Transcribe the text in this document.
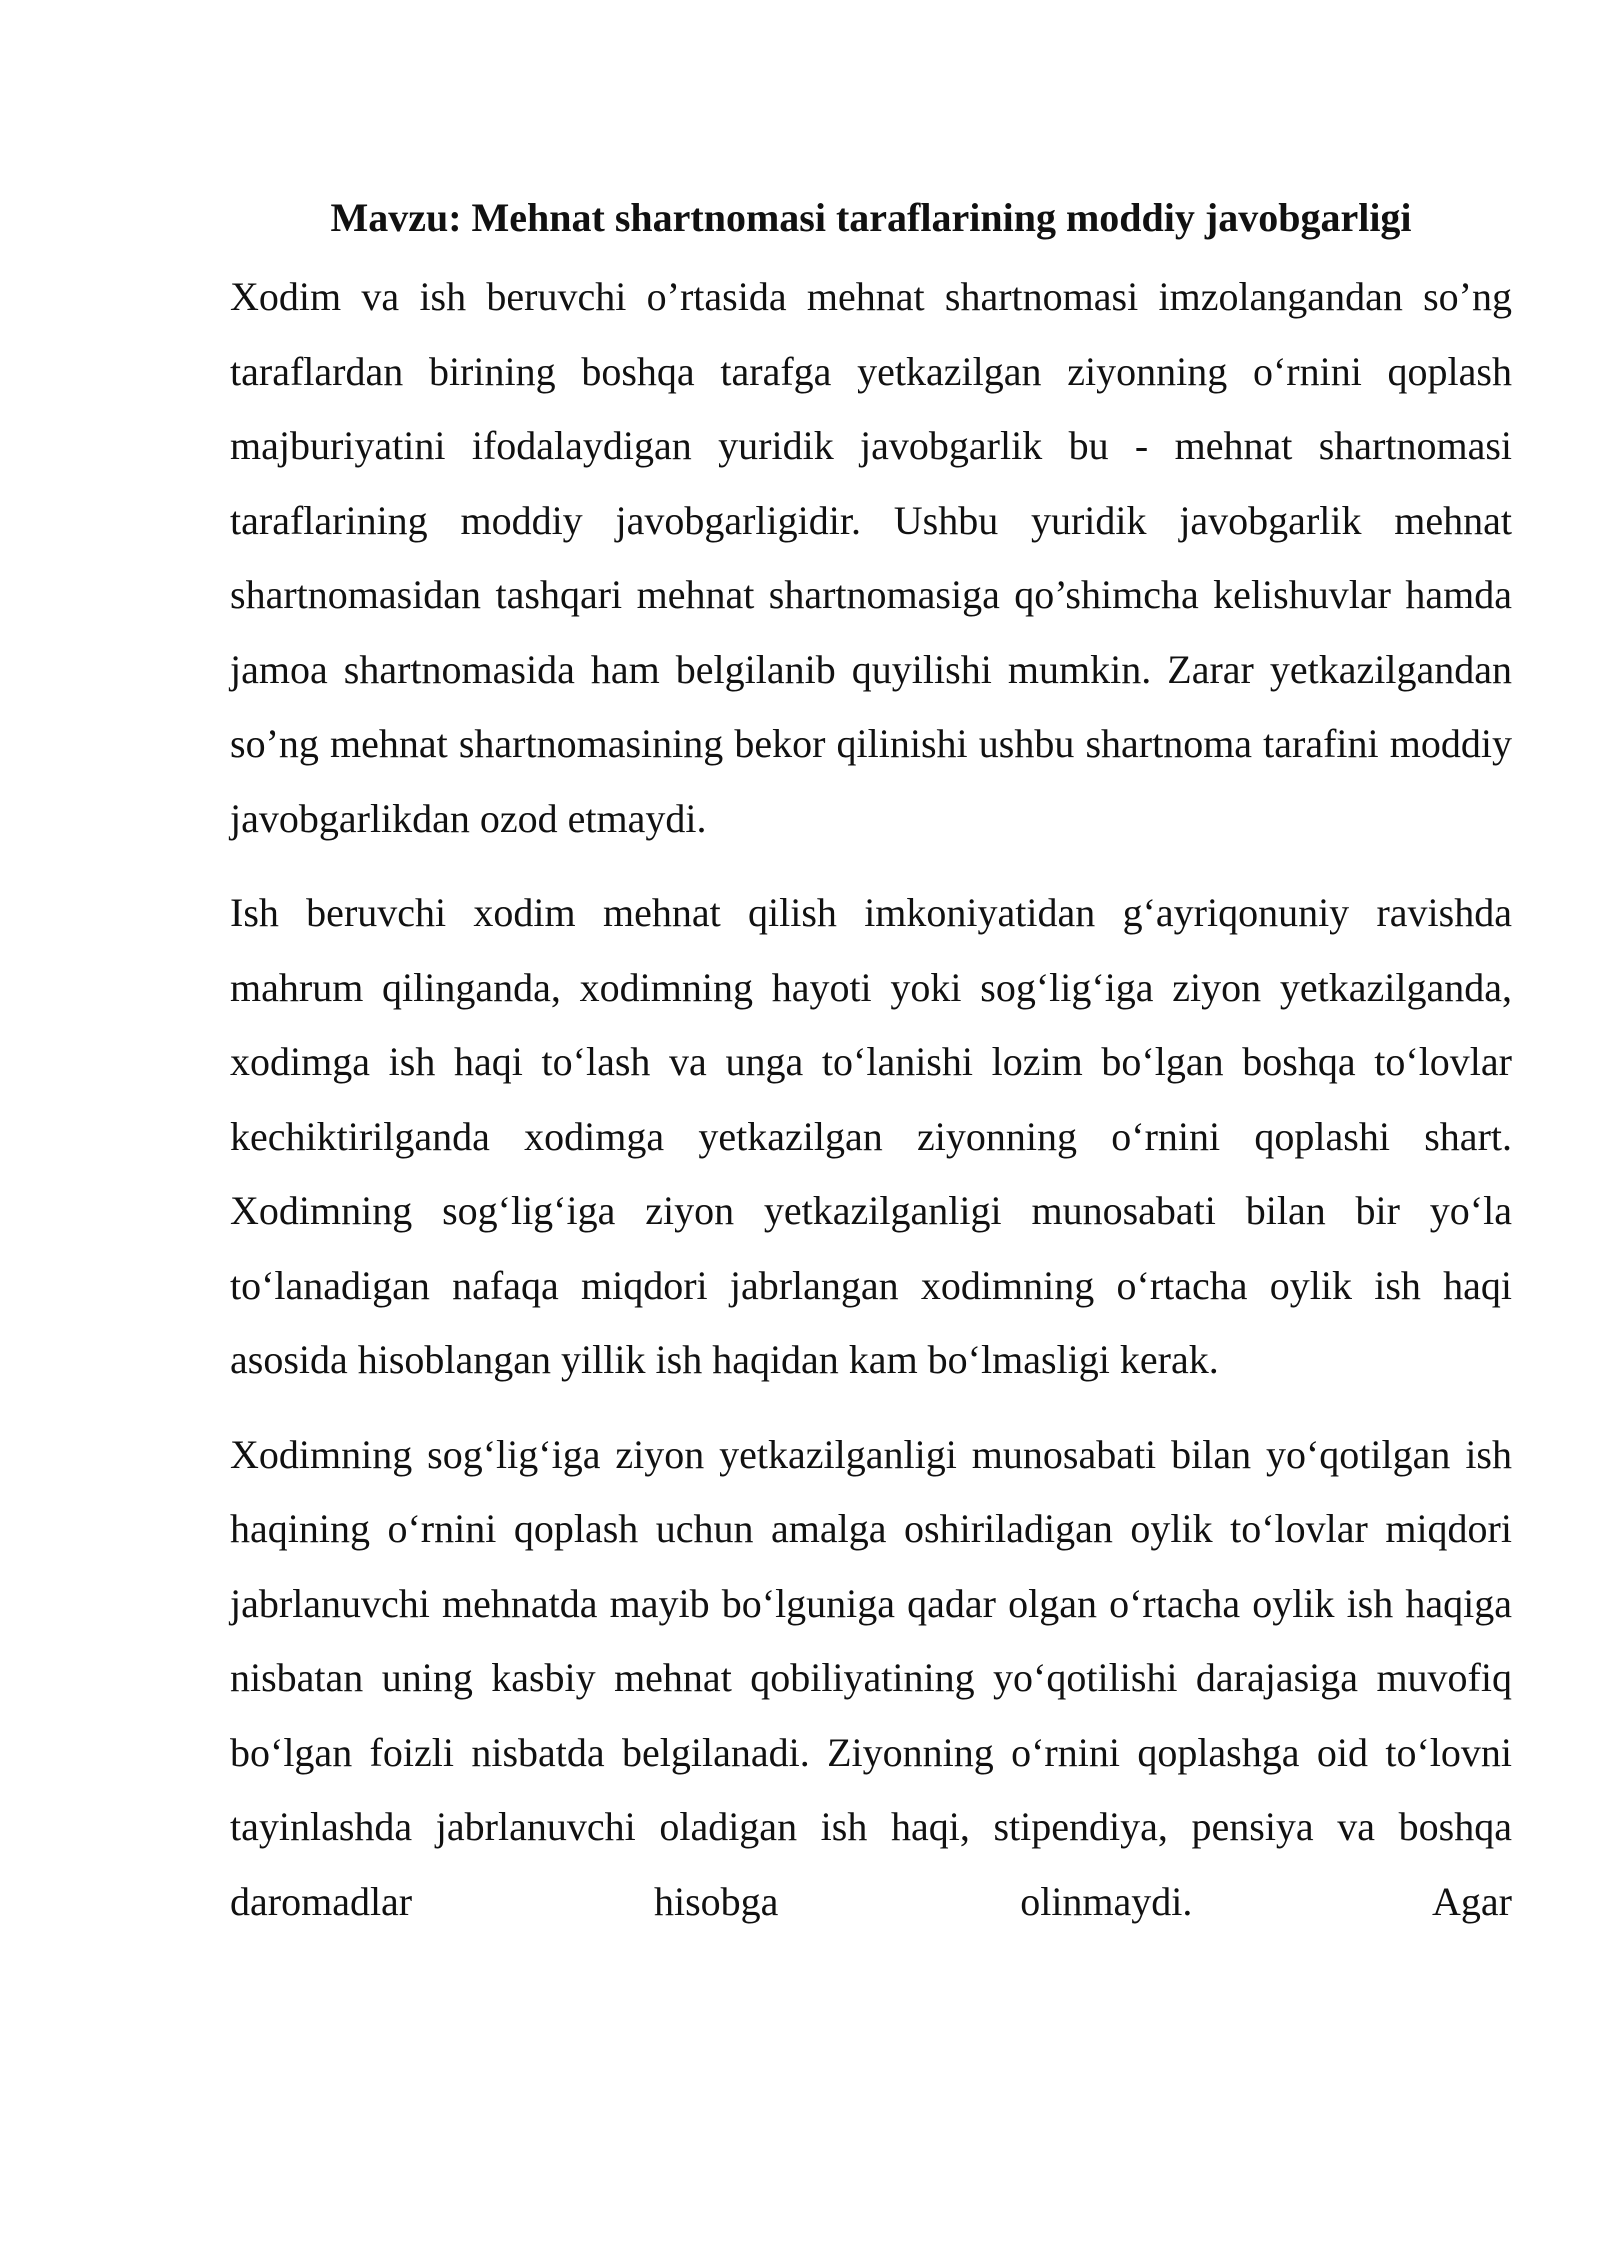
Mavzu: Mehnat shartnomasi taraflarining moddiy javobgarligi

Xodim va ish beruvchi o’rtasida mehnat shartnomasi imzolangandan so’ng taraflardan birining boshqa tarafga yetkazilgan ziyonning o‘rnini qoplash majburiyatini ifodalaydigan yuridik javobgarlik bu - mehnat shartnomasi taraflarining moddiy javobgarligidir. Ushbu yuridik javobgarlik mehnat shartnomasidan tashqari mehnat shartnomasiga qo’shimcha kelishuvlar hamda jamoa shartnomasida ham belgilanib quyilishi mumkin. Zarar yetkazilgandan so’ng mehnat shartnomasining bekor qilinishi ushbu shartnoma tarafini moddiy javobgarlikdan ozod etmaydi.

Ish beruvchi xodim mehnat qilish imkoniyatidan g‘ayriqonuniy ravishda mahrum qilinganda, xodimning hayoti yoki sog‘lig‘iga ziyon yetkazilganda, xodimga ish haqi to‘lash va unga to‘lanishi lozim bo‘lgan boshqa to‘lovlar kechiktirilganda xodimga yetkazilgan ziyonning o‘rnini qoplashi shart. Xodimning sog‘lig‘iga ziyon yetkazilganligi munosabati bilan bir yo‘la to‘lanadigan nafaqa miqdori jabrlangan xodimning o‘rtacha oylik ish haqi asosida hisoblangan yillik ish haqidan kam bo‘lmasligi kerak.

Xodimning sog‘lig‘iga ziyon yetkazilganligi munosabati bilan yo‘qotilgan ish haqining o‘rnini qoplash uchun amalga oshiriladigan oylik to‘lovlar miqdori jabrlanuvchi mehnatda mayib bo‘lguniga qadar olgan o‘rtacha oylik ish haqiga nisbatan uning kasbiy mehnat qobiliyatining yo‘qotilishi darajasiga muvofiq bo‘lgan foizli nisbatda belgilanadi. Ziyonning o‘rnini qoplashga oid to‘lovni tayinlashda jabrlanuvchi oladigan ish haqi, stipendiya, pensiya va boshqa daromadlar hisobga olinmaydi. Agar
